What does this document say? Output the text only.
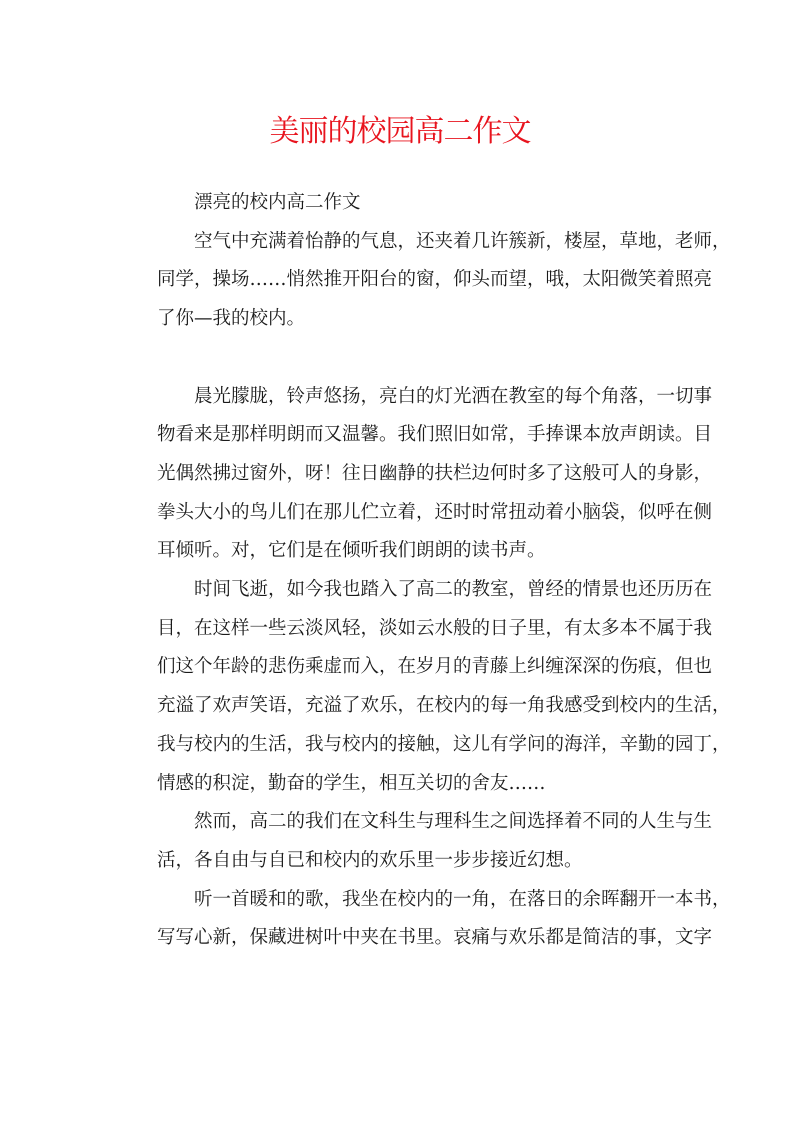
美丽的校园高二作文
漂亮的校内高二作文
空气中充满着怡静的气息，还夹着几许簇新，楼屋，草地，老师，
同学，操场……悄然推开阳台的窗，仰头而望，哦，太阳微笑着照亮
了你—我的校内。
晨光朦胧，铃声悠扬，亮白的灯光洒在教室的每个角落，一切事
物看来是那样明朗而又温馨。我们照旧如常，手捧课本放声朗读。目
光偶然拂过窗外，呀！往日幽静的扶栏边何时多了这般可人的身影，
拳头大小的鸟儿们在那儿伫立着，还时时常扭动着小脑袋，似呼在侧
耳倾听。对，它们是在倾听我们朗朗的读书声。
时间飞逝，如今我也踏入了高二的教室，曾经的情景也还历历在
目，在这样一些云淡风轻，淡如云水般的日子里，有太多本不属于我
们这个年龄的悲伤乘虚而入，在岁月的青藤上纠缠深深的伤痕，但也
充溢了欢声笑语，充溢了欢乐，在校内的每一角我感受到校内的生活，
我与校内的生活，我与校内的接触，这儿有学问的海洋，辛勤的园丁，
情感的积淀，勤奋的学生，相互关切的舍友……
然而，高二的我们在文科生与理科生之间选择着不同的人生与生
活，各自由与自已和校内的欢乐里一步步接近幻想。
听一首暖和的歌，我坐在校内的一角，在落日的余晖翻开一本书，
写写心新，保藏进树叶中夹在书里。哀痛与欢乐都是简洁的事，文字
